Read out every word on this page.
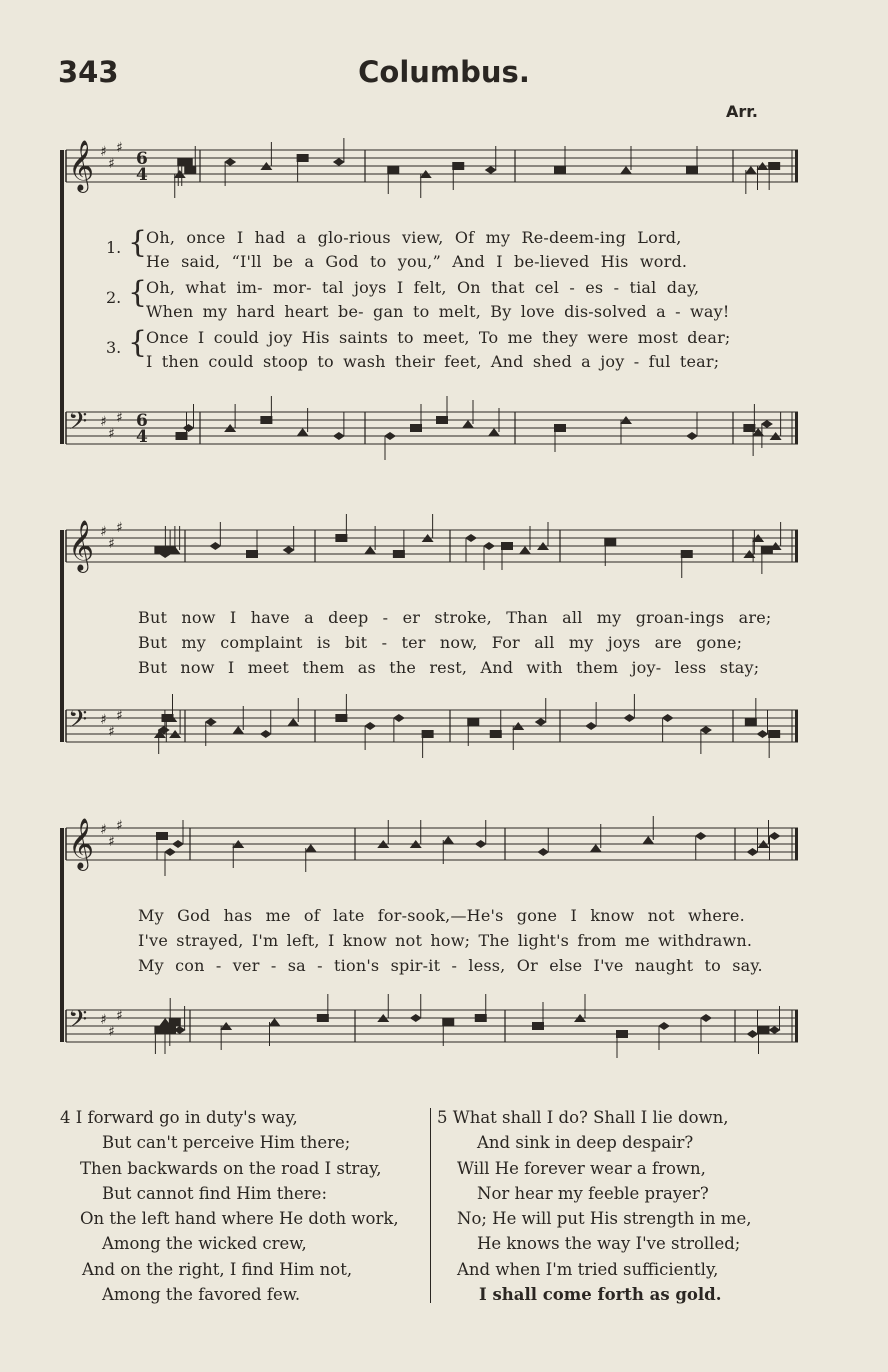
343	Columbus.
Arr.
𝄞 ♯
♯
♯
6
4
𝄢 ♯
♯
♯ 6
4
1. {
Oh, once I had a glo-rious view, Of my Re-deem-ing Lord,
He said, “I'll be a God to you,” And I be-lieved His word.
2. {
Oh, what im- mor- tal joys I felt, On that cel - es - tial day,
When my hard heart be- gan to melt, By love dis-solved a - way!
3. {
Once I could joy His saints to meet, To me they were most dear;
I then could stoop to wash their feet, And shed a joy - ful tear;
𝄞 ♯
♯
♯
𝄢 ♯
♯
♯
But now I have a deep - er stroke, Than all my groan-ings are;
But my complaint is bit - ter now, For all my joys are gone;
But now I meet them as the rest, And with them joy- less stay;
𝄞 ♯
♯
♯
𝄢 ♯
♯
♯
My God has me of late for-sook,—He's gone I know not where.
I've strayed, I'm left, I know not how; The light's from me withdrawn.
My con - ver - sa - tion's spir-it - less, Or else I've naught to say.
4 I forward go in duty's way,
But can't perceive Him there;
Then backwards on the road I stray,
But cannot find Him there:
On the left hand where He doth work,
Among the wicked crew,
And on the right, I find Him not,
Among the favored few.
5 What shall I do? Shall I lie down,
And sink in deep despair?
Will He forever wear a frown,
Nor hear my feeble prayer?
No; He will put His strength in me,
He knows the way I've strolled;
And when I'm tried sufficiently,
I shall come forth as gold.
